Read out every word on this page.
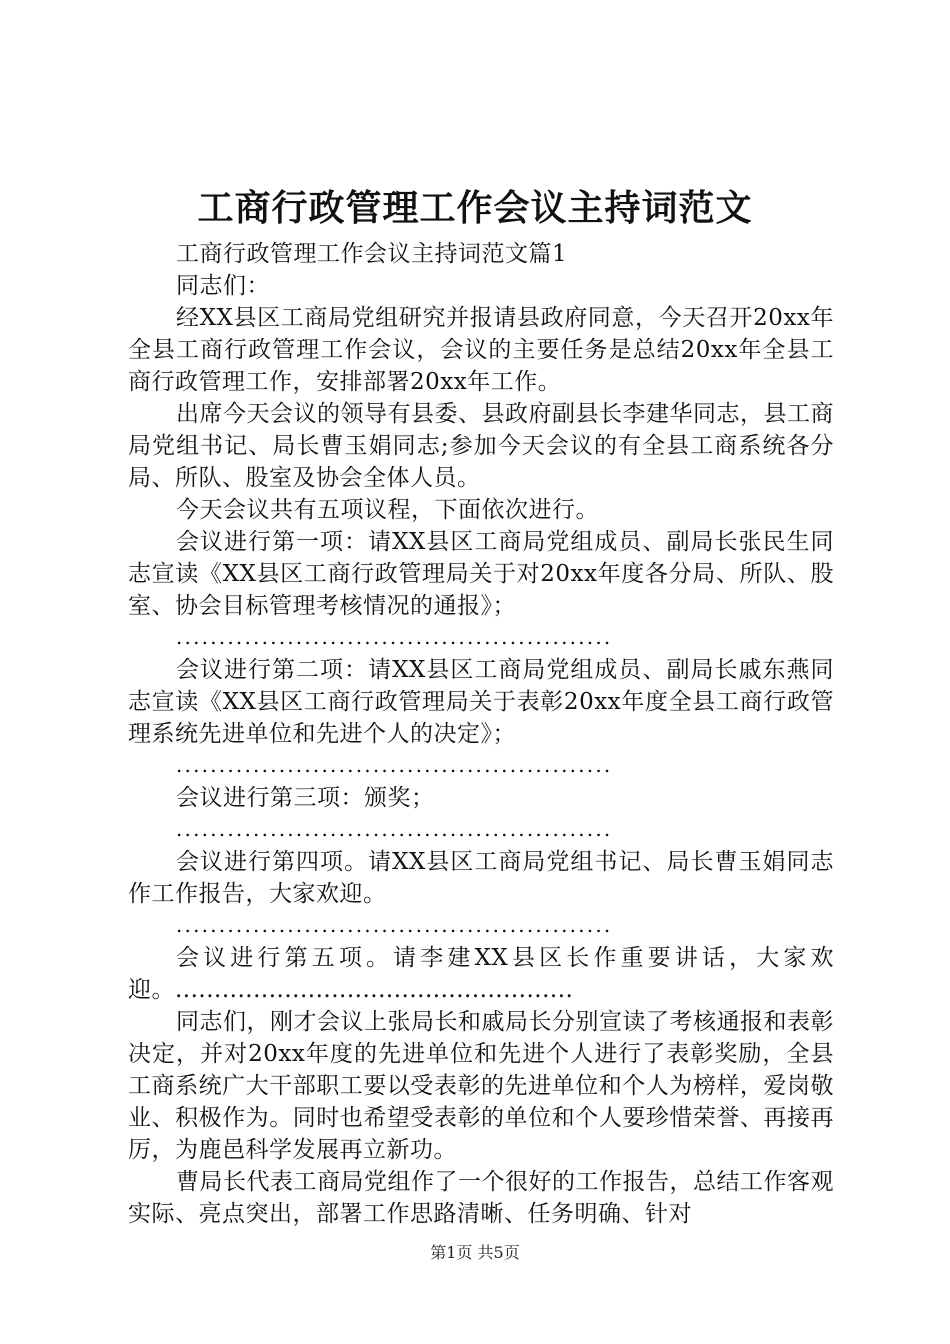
工商行政管理工作会议主持词范文

工商行政管理工作会议主持词范文篇1

同志们：

经XX县区工商局党组研究并报请县政府同意，今天召开20xx年全县工商行政管理工作会议，会议的主要任务是总结20xx年全县工商行政管理工作，安排部署20xx年工作。

出席今天会议的领导有县委、县政府副县长李建华同志，县工商局党组书记、局长曹玉娟同志;参加今天会议的有全县工商系统各分局、所队、股室及协会全体人员。

今天会议共有五项议程，下面依次进行。

会议进行第一项：请XX县区工商局党组成员、副局长张民生同志宣读《XX县区工商行政管理局关于对20xx年度各分局、所队、股室、协会目标管理考核情况的通报》；

...................................................

会议进行第二项：请XX县区工商局党组成员、副局长戚东燕同志宣读《XX县区工商行政管理局关于表彰20xx年度全县工商行政管理系统先进单位和先进个人的决定》；

...................................................

会议进行第三项：颁奖；

...................................................

会议进行第四项。请XX县区工商局党组书记、局长曹玉娟同志作工作报告，大家欢迎。

...................................................

会议进行第五项。请李建XX县区长作重要讲话，大家欢迎。...................................................

同志们，刚才会议上张局长和戚局长分别宣读了考核通报和表彰决定，并对20xx年度的先进单位和先进个人进行了表彰奖励，全县工商系统广大干部职工要以受表彰的先进单位和个人为榜样，爱岗敬业、积极作为。同时也希望受表彰的单位和个人要珍惜荣誉、再接再厉，为鹿邑科学发展再立新功。

曹局长代表工商局党组作了一个很好的工作报告，总结工作客观实际、亮点突出，部署工作思路清晰、任务明确、针对

第1页 共5页
